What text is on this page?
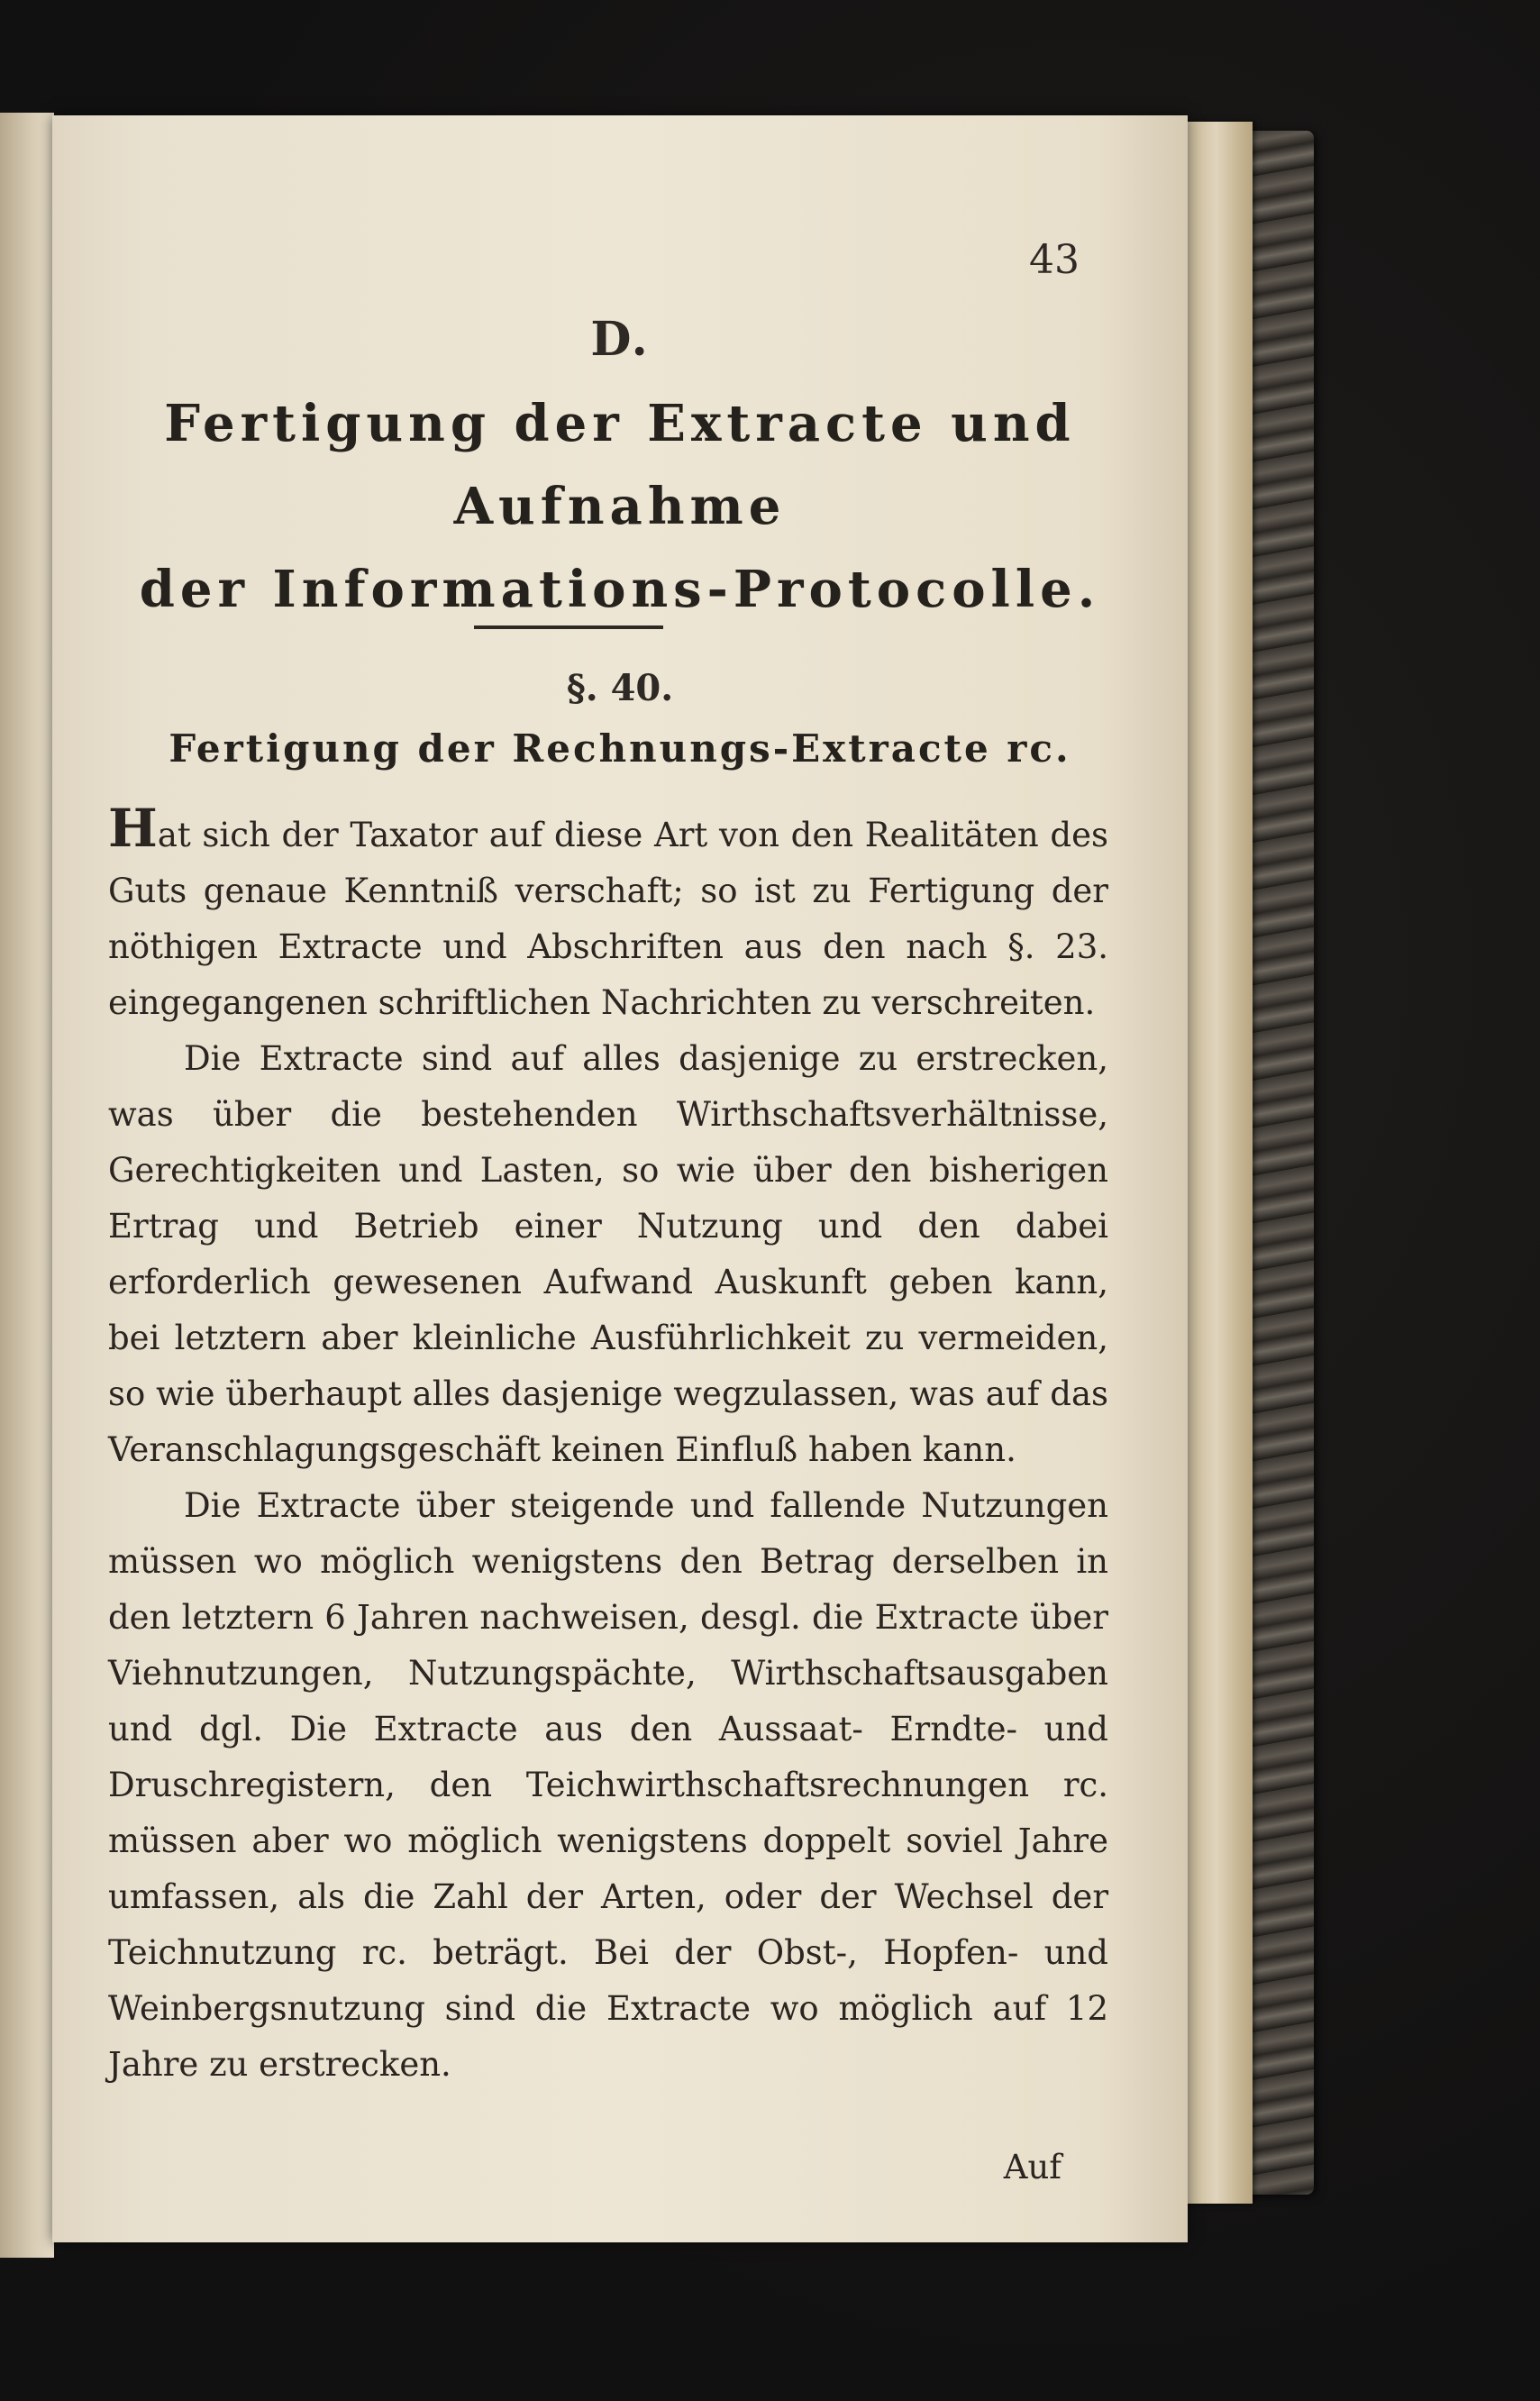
43
D.
Fertigung der Extracte und Aufnahme
der Informations-Protocolle.
§. 40.
Fertigung der Rechnungs-Extracte rc.

Hat sich der Taxator auf diese Art von den Realitäten des Guts genaue Kenntniß verschaft; so ist zu Fertigung der nöthigen Extracte und Abschriften aus den nach §. 23. eingegangenen schriftlichen Nachrichten zu verschreiten.

Die Extracte sind auf alles dasjenige zu erstrecken, was über die bestehenden Wirthschaftsverhältnisse, Gerechtigkeiten und Lasten, so wie über den bisherigen Ertrag und Betrieb einer Nutzung und den dabei erforderlich gewesenen Aufwand Auskunft geben kann, bei letztern aber kleinliche Ausführlichkeit zu vermeiden, so wie überhaupt alles dasjenige wegzulassen, was auf das Veranschlagungsgeschäft keinen Einfluß haben kann.

Die Extracte über steigende und fallende Nutzungen müssen wo möglich wenigstens den Betrag derselben in den letztern 6 Jahren nachweisen, desgl. die Extracte über Viehnutzungen, Nutzungspächte, Wirthschaftsausgaben und dgl. Die Extracte aus den Aussaat- Erndte- und Druschregistern, den Teichwirthschaftsrechnungen rc. müssen aber wo möglich wenigstens doppelt soviel Jahre umfassen, als die Zahl der Arten, oder der Wechsel der Teichnutzung rc. beträgt. Bei der Obst-, Hopfen- und Weinbergsnutzung sind die Extracte wo möglich auf 12 Jahre zu erstrecken.

Auf
